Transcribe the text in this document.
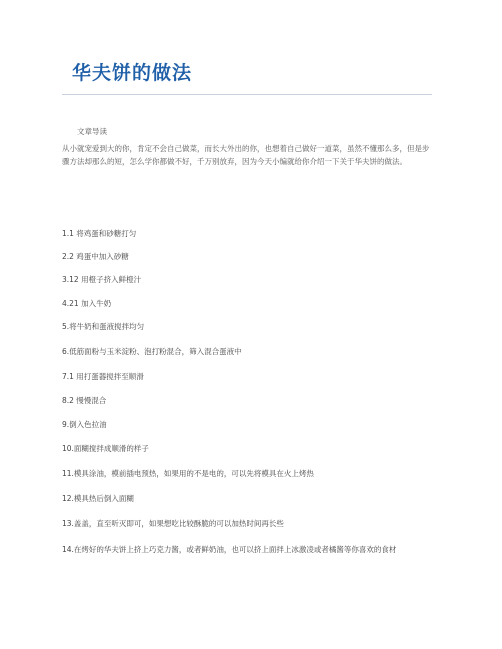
华夫饼的做法
文章导读

从小就宠爱到大的你，肯定不会自己做菜，而长大外出的你，也想着自己做好一道菜，虽然不懂那么多，但是步骤方法却那么的短，怎么学你都做不好，千万别放弃，因为今天小编就给你介绍一下关于华夫饼的做法。

1.1 将鸡蛋和砂糖打匀
2.2 鸡蛋中加入砂糖
3.12 用橙子挤入鲜橙汁
4.21 加入牛奶
5.将牛奶和蛋液搅拌均匀
6.低筋面粉与玉米淀粉、泡打粉混合，筛入混合蛋液中
7.1 用打蛋器搅拌至顺滑
8.2 慢慢混合
9.倒入色拉油
10.面糊搅拌成顺滑的样子
11.模具涂油，模前插电预热，如果用的不是电的，可以先将模具在火上烤热
12.模具热后倒入面糊
13.盖盖，直至听灭即可，如果想吃比较酥脆的可以加热时间再长些
14.在烤好的华夫饼上挤上巧克力酱，或者鲜奶油，也可以挤上面拌上冰激凌或者橘酱等你喜欢的食材
